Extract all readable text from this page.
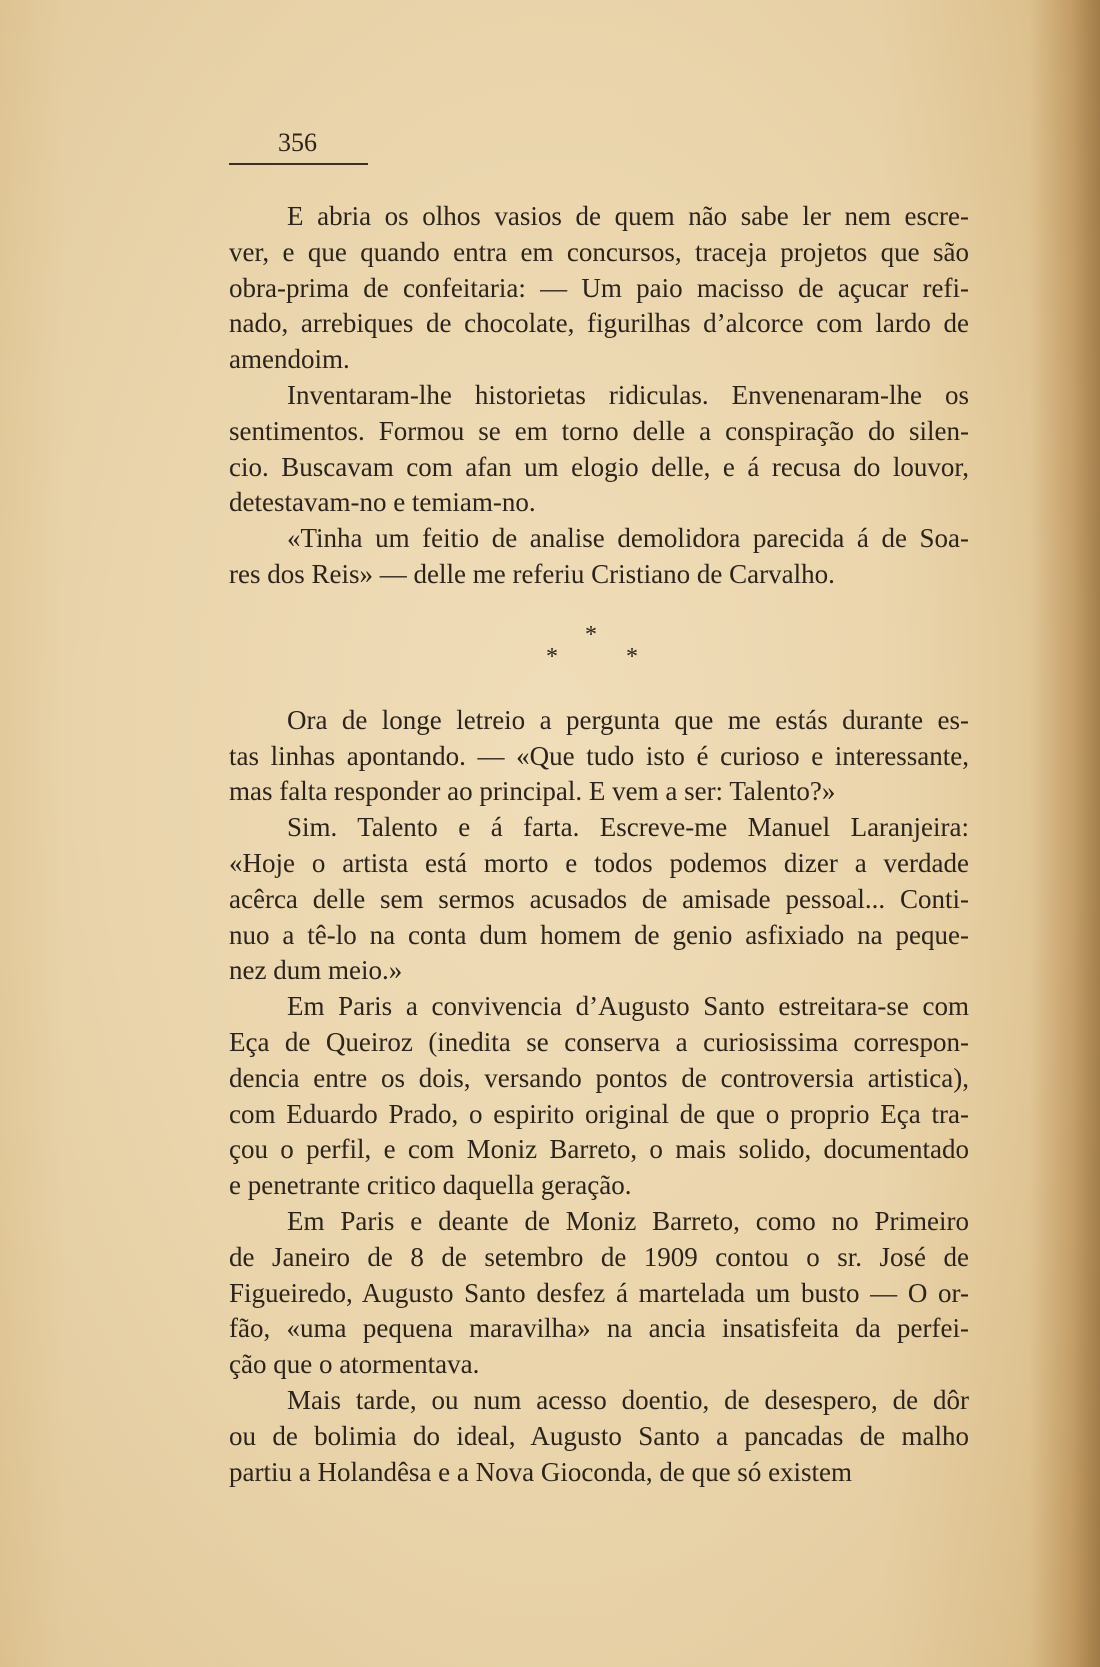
356
E abria os olhos vasios de quem não sabe ler nem escre-
ver, e que quando entra em concursos, traceja projetos que são
obra-prima de confeitaria: — Um paio macisso de açucar refi-
nado, arrebiques de chocolate, figurilhas d’alcorce com lardo de
amendoim.
Inventaram-lhe historietas ridiculas. Envenenaram-lhe os
sentimentos. Formou se em torno delle a conspiração do silen-
cio. Buscavam com afan um elogio delle, e á recusa do louvor,
detestavam-no e temiam-no.
«Tinha um feitio de analise demolidora parecida á de Soa-
res dos Reis» — delle me referiu Cristiano de Carvalho.
*
*	*
Ora de longe letreio a pergunta que me estás durante es-
tas linhas apontando. — «Que tudo isto é curioso e interessante,
mas falta responder ao principal. E vem a ser: Talento?»
Sim. Talento e á farta. Escreve-me Manuel Laranjeira:
«Hoje o artista está morto e todos podemos dizer a verdade
acêrca delle sem sermos acusados de amisade pessoal... Conti-
nuo a tê-lo na conta dum homem de genio asfixiado na peque-
nez dum meio.»
Em Paris a convivencia d’Augusto Santo estreitara-se com
Eça de Queiroz (inedita se conserva a curiosissima correspon-
dencia entre os dois, versando pontos de controversia artistica),
com Eduardo Prado, o espirito original de que o proprio Eça tra-
çou o perfil, e com Moniz Barreto, o mais solido, documentado
e penetrante critico daquella geração.
Em Paris e deante de Moniz Barreto, como no Primeiro
de Janeiro de 8 de setembro de 1909 contou o sr. José de
Figueiredo, Augusto Santo desfez á martelada um busto — O or-
fão, «uma pequena maravilha» na ancia insatisfeita da perfei-
ção que o atormentava.
Mais tarde, ou num acesso doentio, de desespero, de dôr
ou de bolimia do ideal, Augusto Santo a pancadas de malho
partiu a Holandêsa e a Nova Gioconda, de que só existem
